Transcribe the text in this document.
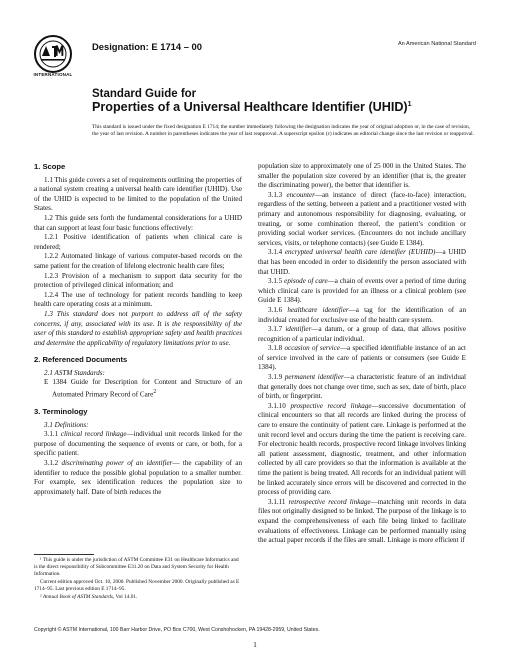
INTERNATIONAL
Designation: E 1714 – 00	An American National Standard
Standard Guide for
Properties of a Universal Healthcare Identifier (UHID)$^1$
This standard is issued under the fixed designation E 1714; the number immediately following the designation indicates the year of original adoption or, in the case of revision, the year of last revision. A number in parentheses indicates the year of last reapproval. A superscript epsilon (ε) indicates an editorial change since the last revision or reapproval.
1. Scope

1.1 This guide covers a set of requirements outlining the properties of a national system creating a universal health care identifier (UHID). Use of the UHID is expected to be limited to the population of the United States.

1.2 This guide sets forth the fundamental considerations for a UHID that can support at least four basic functions effectively:

1.2.1 Positive identification of patients when clinical care is rendered;

1.2.2 Automated linkage of various computer-based records on the same patient for the creation of lifelong electronic health care files;

1.2.3 Provision of a mechanism to support data security for the protection of privileged clinical information; and

1.2.4 The use of technology for patient records handling to keep health care operating costs at a minimum.

1.3 This standard does not purport to address all of the safety concerns, if any, associated with its use. It is the responsibility of the user of this standard to establish appropriate safety and health practices and determine the applicability of regulatory limitations prior to use.

2. Referenced Documents

2.1 ASTM Standards:

E 1384 Guide for Description for Content and Structure of an Automated Primary Record of Care$^2$

3. Terminology

3.1 Definitions:

3.1.1 clinical record linkage—individual unit records linked for the purpose of documenting the sequence of events or care, or both, for a specific patient.

3.1.2 discriminating power of an identifier— the capability of an identifier to reduce the possible global population to a smaller number. For example, sex identification reduces the population size to approximately half. Date of birth reduces the

population size to approximately one of 25 000 in the United States. The smaller the population size covered by an identifier (that is, the greater the discriminating power), the better that identifier is.

3.1.3 encounter—an instance of direct (face-to-face) interaction, regardless of the setting, between a patient and a practitioner vested with primary and autonomous responsibility for diagnosing, evaluating, or treating, or some combination thereof, the patient’s condition or providing social worker services. (Encounters do not include ancillary services, visits, or telephone contacts) (see Guide E 1384).

3.1.4 encrypted universal health care identifier (EUHID)—a UHID that has been encoded in order to disidentify the person associated with that UHID.

3.1.5 episode of care—a chain of events over a period of time during which clinical care is provided for an illness or a clinical problem (see Guide E 1384).

3.1.6 healthcare identifier—a tag for the identification of an individual created for exclusive use of the health care system.

3.1.7 identifier—a datum, or a group of data, that allows positive recognition of a particular individual.

3.1.8 occasion of service—a specified identifiable instance of an act of service involved in the care of patients or consumers (see Guide E 1384).

3.1.9 permanent identifier—a characteristic feature of an individual that generally does not change over time, such as sex, date of birth, place of birth, or fingerprint.

3.1.10 prospective record linkage—successive documentation of clinical encounters so that all records are linked during the process of care to ensure the continuity of patient care. Linkage is performed at the unit record level and occurs during the time the patient is receiving care. For electronic health records, prospective record linkage involves linking all patient assessment, diagnostic, treatment, and other information collected by all care providers so that the information is available at the time the patient is being treated. All records for an individual patient will be linked accurately since errors will be discovered and corrected in the process of providing care.

3.1.11 retrospective record linkage—matching unit records in data files not originally designed to be linked. The purpose of the linkage is to expand the comprehensiveness of each file being linked to facilitate evaluations of effectiveness. Linkage can be performed manually using the actual paper records if the files are small. Linkage is more efficient if

¹ This guide is under the jurisdiction of ASTM Committee E31 on Healthcare Informatics and is the direct responsibility of Subcommittee E31.20 on Data and System Security for Health Information.

Current edition approved Oct. 10, 2000. Published November 2000. Originally published as E 1714–95. Last previous edition E 1714–95.

² Annual Book of ASTM Standards, Vol 14.01.

Copyright © ASTM International, 100 Barr Harbor Drive, PO Box C700, West Conshohocken, PA 19428-2959, United States.
1
